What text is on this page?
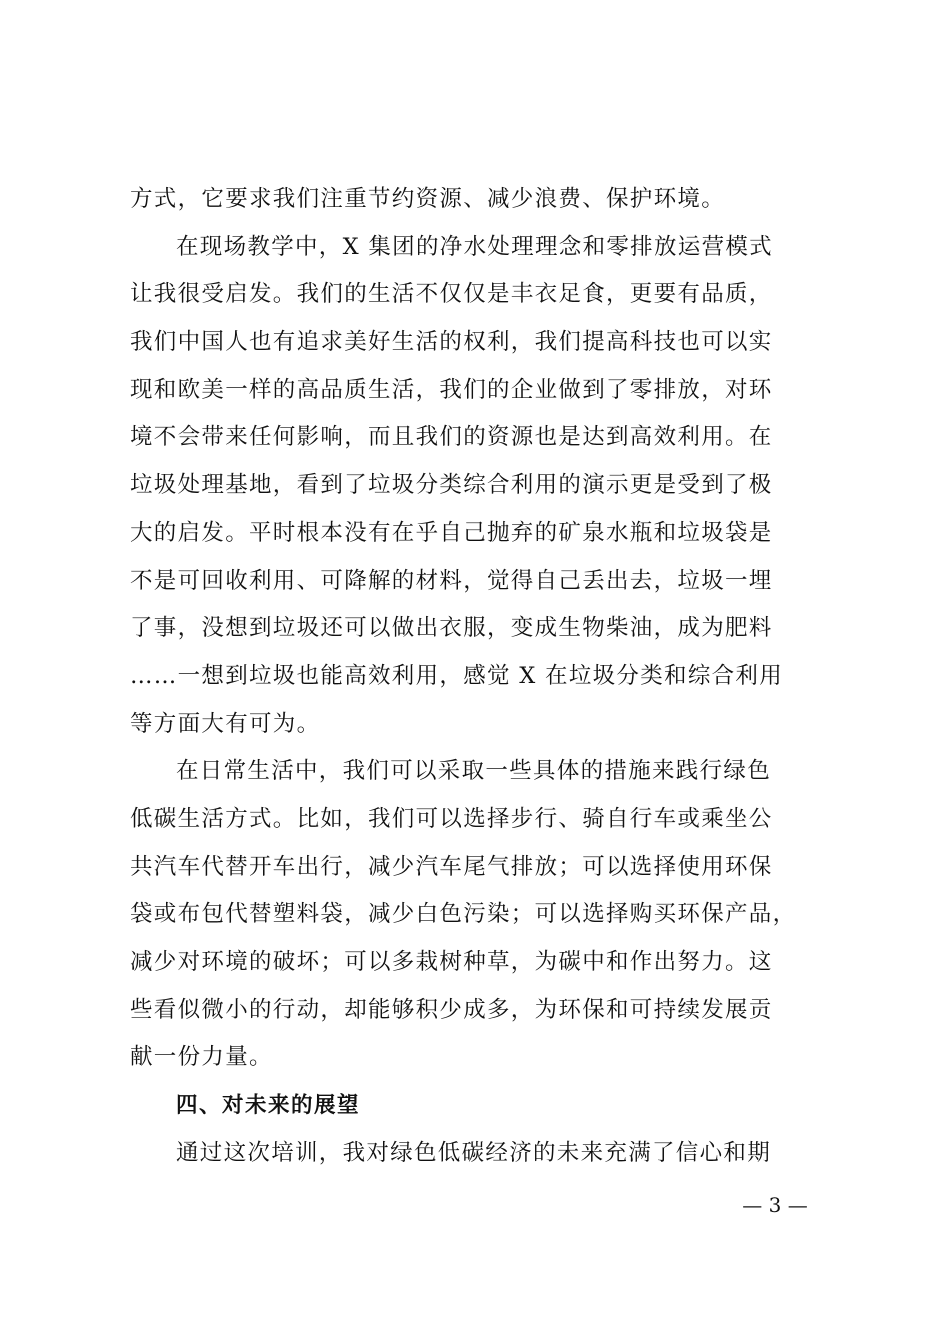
方式，它要求我们注重节约资源、减少浪费、保护环境。
在现场教学中，X 集团的净水处理理念和零排放运营模式
让我很受启发。我们的生活不仅仅是丰衣足食，更要有品质，
我们中国人也有追求美好生活的权利，我们提高科技也可以实
现和欧美一样的高品质生活，我们的企业做到了零排放，对环
境不会带来任何影响，而且我们的资源也是达到高效利用。在
垃圾处理基地，看到了垃圾分类综合利用的演示更是受到了极
大的启发。平时根本没有在乎自己抛弃的矿泉水瓶和垃圾袋是
不是可回收利用、可降解的材料，觉得自己丢出去，垃圾一埋
了事，没想到垃圾还可以做出衣服，变成生物柴油，成为肥料
……一想到垃圾也能高效利用，感觉 X 在垃圾分类和综合利用
等方面大有可为。
在日常生活中，我们可以采取一些具体的措施来践行绿色
低碳生活方式。比如，我们可以选择步行、骑自行车或乘坐公
共汽车代替开车出行，减少汽车尾气排放；可以选择使用环保
袋或布包代替塑料袋，减少白色污染；可以选择购买环保产品，
减少对环境的破坏；可以多栽树种草，为碳中和作出努力。这
些看似微小的行动，却能够积少成多，为环保和可持续发展贡
献一份力量。
四、对未来的展望
通过这次培训，我对绿色低碳经济的未来充满了信心和期
— 3 —
